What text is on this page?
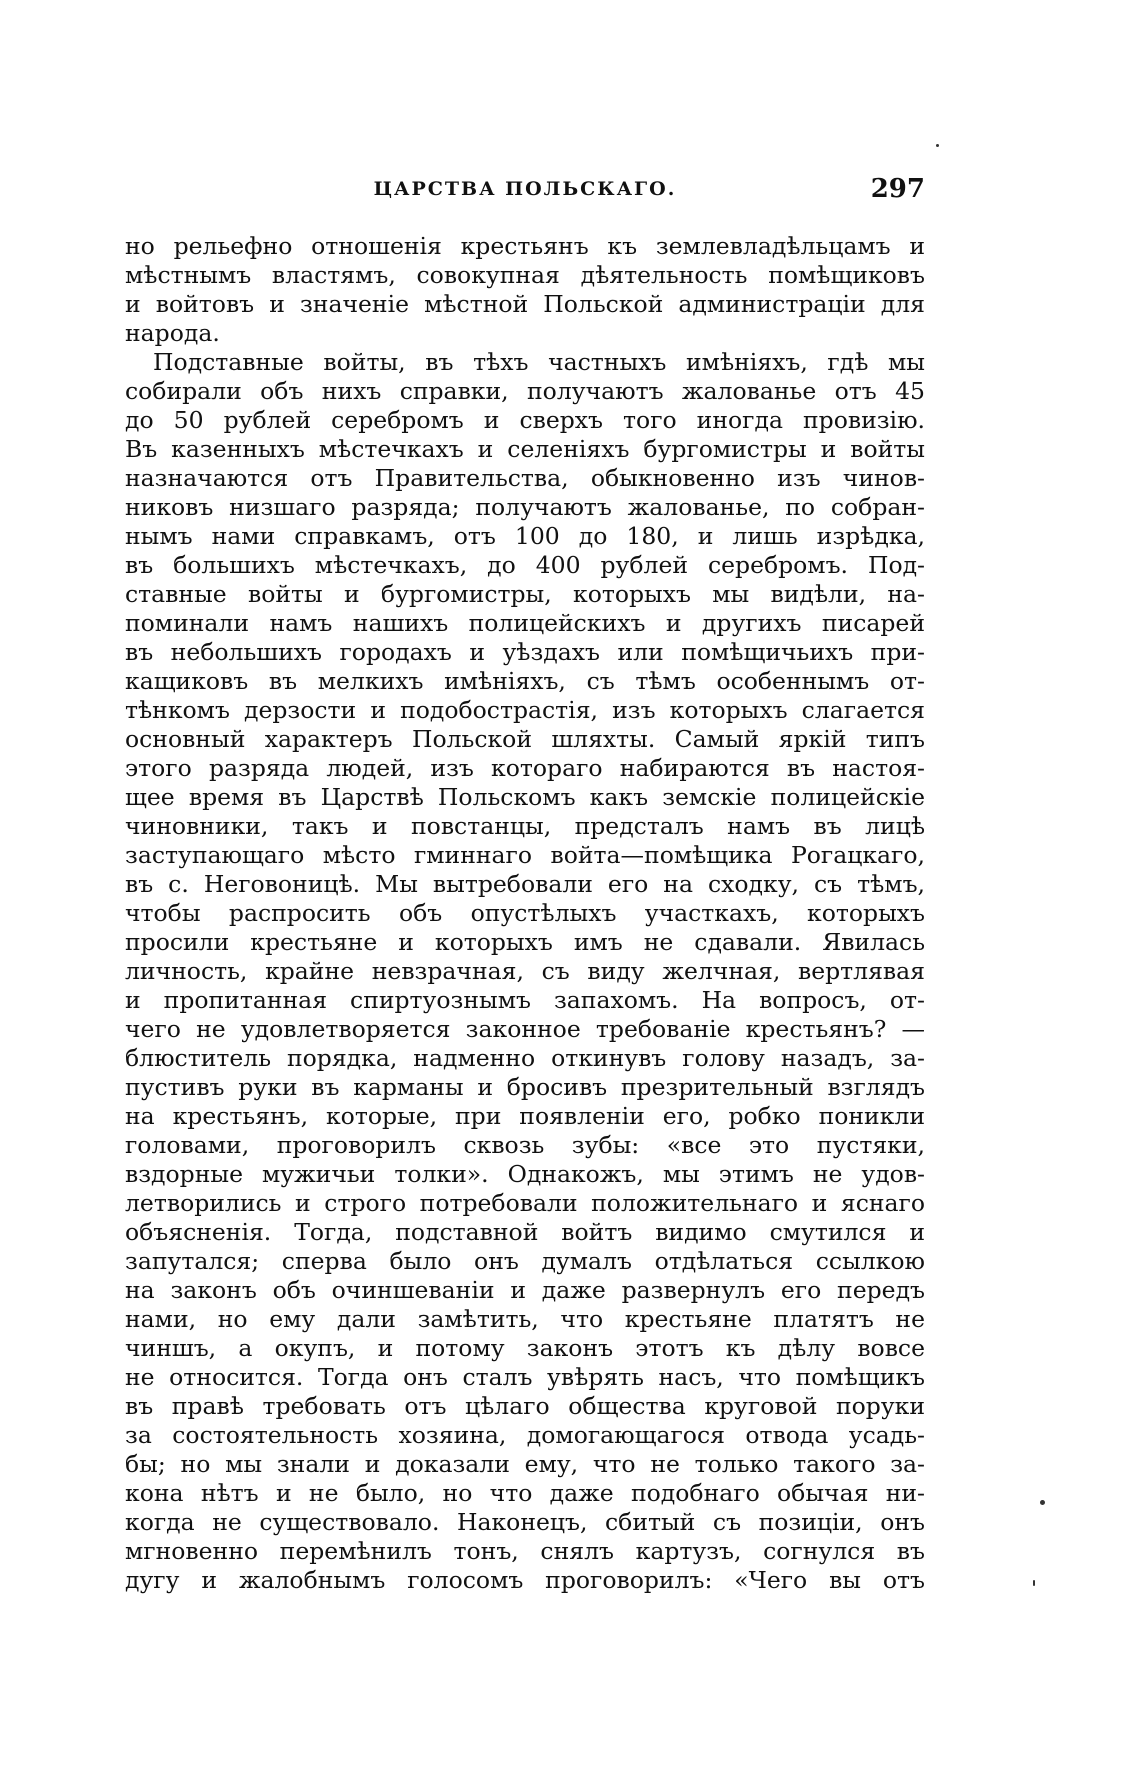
ЦАРСТВА ПОЛЬСКАГО.	297
но рельефно отношенія крестьянъ къ землевладѣльцамъ и
мѣстнымъ властямъ, совокупная дѣятельность помѣщиковъ
и войтовъ и значеніе мѣстной Польской администраціи для
народа.
Подставные войты, въ тѣхъ частныхъ имѣніяхъ, гдѣ мы
собирали объ нихъ справки, получаютъ жалованье отъ 45
до 50 рублей серебромъ и сверхъ того иногда провизію.
Въ казенныхъ мѣстечкахъ и селеніяхъ бургомистры и войты
назначаются отъ Правительства, обыкновенно изъ чинов-
никовъ низшаго разряда; получаютъ жалованье, по собран-
нымъ нами справкамъ, отъ 100 до 180, и лишь изрѣдка,
въ большихъ мѣстечкахъ, до 400 рублей серебромъ. Под-
ставные войты и бургомистры, которыхъ мы видѣли, на-
поминали намъ нашихъ полицейскихъ и другихъ писарей
въ небольшихъ городахъ и уѣздахъ или помѣщичьихъ при-
кащиковъ въ мелкихъ имѣніяхъ, съ тѣмъ особеннымъ от-
тѣнкомъ дерзости и подобострастія, изъ которыхъ слагается
основный характеръ Польской шляхты. Самый яркій типъ
этого разряда людей, изъ котораго набираются въ настоя-
щее время въ Царствѣ Польскомъ какъ земскіе полицейскіе
чиновники, такъ и повстанцы, предсталъ намъ въ лицѣ
заступающаго мѣсто гминнаго войта—помѣщика Рогацкаго,
въ с. Неговоницѣ. Мы вытребовали его на сходку, съ тѣмъ,
чтобы распросить объ опустѣлыхъ участкахъ, которыхъ
просили крестьяне и которыхъ имъ не сдавали. Явилась
личность, крайне невзрачная, съ виду желчная, вертлявая
и пропитанная спиртуознымъ запахомъ. На вопросъ, от-
чего не удовлетворяется законное требованіе крестьянъ? —
блюститель порядка, надменно откинувъ голову назадъ, за-
пустивъ руки въ карманы и бросивъ презрительный взглядъ
на крестьянъ, которые, при появленіи его, робко поникли
головами, проговорилъ сквозь зубы: «все это пустяки,
вздорные мужичьи толки». Однакожъ, мы этимъ не удов-
летворились и строго потребовали положительнаго и яснаго
объясненія. Тогда, подставной войтъ видимо смутился и
запутался; сперва было онъ думалъ отдѣлаться ссылкою
на законъ объ очиншеваніи и даже развернулъ его передъ
нами, но ему дали замѣтить, что крестьяне платятъ не
чиншъ, а окупъ, и потому законъ этотъ къ дѣлу вовсе
не относится. Тогда онъ сталъ увѣрять насъ, что помѣщикъ
въ правѣ требовать отъ цѣлаго общества круговой поруки
за состоятельность хозяина, домогающагося отвода усадь-
бы; но мы знали и доказали ему, что не только такого за-
кона нѣтъ и не было, но что даже подобнаго обычая ни-
когда не существовало. Наконецъ, сбитый съ позиціи, онъ
мгновенно перемѣнилъ тонъ, снялъ картузъ, согнулся въ
дугу и жалобнымъ голосомъ проговорилъ: «Чего вы отъ
